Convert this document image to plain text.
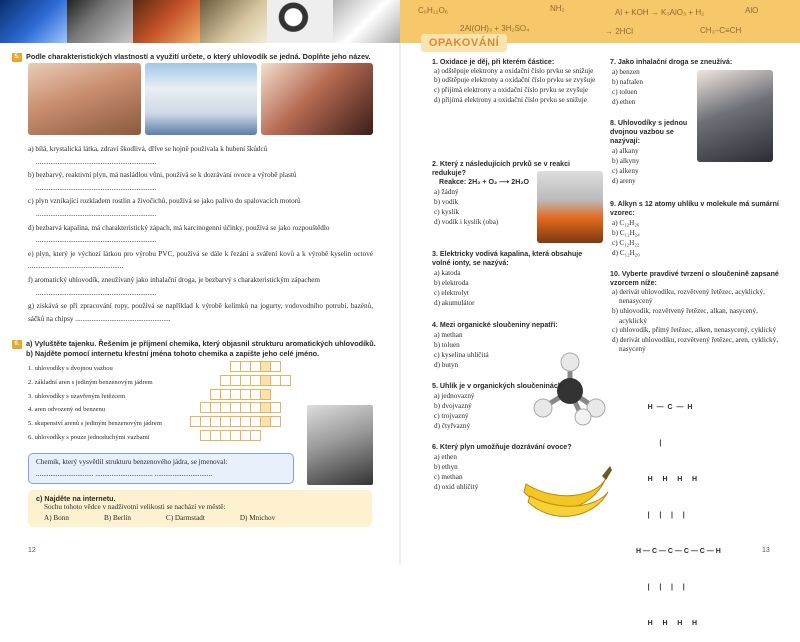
C₆H₁₂O₆	NH₂
2Al(OH)₃ + 3H₂SO₄
Al + KOH → K₃AlO₃ + H₂
CH₃–C≡CH
AlO
→ 2HCl
5. Podle charakteristických vlastností a využití určete, o který uhlovodík se jedná. Doplňte jeho název.
a) bílá, krystalická látka, zdraví škodlivá, dříve se hojně používala k hubení škůdců
...................................................................
b) bezbarvý, reaktivní plyn, má nasládlou vůni, používá se k dozrávání ovoce a výrobě plastů
...................................................................
c) plyn vznikající rozkladem rostlin a živočichů, používá se jako palivo do spalovacích motorů
...................................................................
d) bezbarvá kapalina, má charakteristický zápach, má karcinogenní účinky, používá se jako rozpouštědlo
...................................................................
e) plyn, který je výchozí látkou pro výrobu PVC, používá se dále k řezání a sváření kovů a k výrobě kyselin octové .....................................................
f) aromatický uhlovodík, zneužívaný jako inhalační droga, je bezbarvý s charakteristickým zápachem
...................................................................
g) získává se při zpracování ropy, používá se například k výrobě kelímků na jogurty, vodovodního potrubí, bazénů, sáčků na chipsy .....................................................
6. a) Vyluštěte tajenku. Řešením je příjmení chemika, který objasnil strukturu aromatických uhlovodíků.
b) Najděte pomocí internetu křestní jména tohoto chemika a zapište jeho celé jméno.
1. uhlovodíky s dvojnou vazbou
2. základní aren s jediným benzenovým jádrem
3. uhlovodíky s uzavřeným řetězcem
4. aren odvozený od benzenu
5. skupenství arenů s jediným benzenovým jádrem
6. uhlovodíky s pouze jednoduchými vazbami
Chemik, který vysvětlil strukturu benzenového jádra, se jmenoval:
................................ ................................ ................................
c) Najděte na internetu.
Sochu tohoto vědce v nadživotní velikosti se nachází ve městě:
A) Bonn	B) Berlín	C) Darmstadt	D) Mnichov
12
OPAKOVÁNÍ
1. Oxidace je děj, při kterém částice:
a) odštěpuje elektrony a oxidační číslo prvku se snižuje
b) odštěpuje elektrony a oxidační číslo prvku se zvyšuje
c) přijímá elektrony a oxidační číslo prvku se zvyšuje
d) přijímá elektrony a oxidační číslo prvku se snižuje
2. Který z následujících prvků se v reakci redukuje?
Reakce: 2H₂ + O₂ ⟶ 2H₂O
a) žádný
b) vodík
c) kyslík
d) vodík i kyslík (oba)
3. Elektricky vodivá kapalina, která obsahuje volné ionty, se nazývá:
a) katoda
b) elektroda
c) elektrolyt
d) akumulátor
4. Mezi organické sloučeniny nepatří:
a) methan
b) toluen
c) kyselina uhličitá
d) butyn
5. Uhlík je v organických sloučeninách:
a) jednovazný
b) dvojvazný
c) trojvazný
d) čtyřvazný
6. Který plyn umožňuje dozrávání ovoce?
a) ethen
b) ethyn
c) methan
d) oxid uhličitý
7. Jako inhalační droga se zneužívá:
a) benzen
b) naftalen
c) toluen
d) ethen
8. Uhlovodíky s jednou dvojnou vazbou se nazývají:
a) alkany
b) alkyny
c) alkeny
d) areny
9. Alkyn s 12 atomy uhlíku v molekule má sumární vzorec:
a) C₁₂H₂₆
b) C₁₂H₂₄
c) C₁₂H₂₂
d) C₁₂H₂₀
10. Vyberte pravdivé tvrzení o sloučenině zapsané vzorcem níže:
a) derivát uhlovodíku, rozvětvený řetězec, acyklický, nenasycený
b) uhlovodík, rozvětvený řetězec, alkan, nasycený, acyklický
c) uhlovodík, přímý řetězec, alken, nenasycený, cyklický
d) derivát uhlovodíku, rozvětvený řetězec, aren, cyklický, nasycený

H  —  C  —  H

|

H     H     H     H

|     |     |     |

H — C — C — C — C — H

|     |     |     |

H     H     H     H

13
